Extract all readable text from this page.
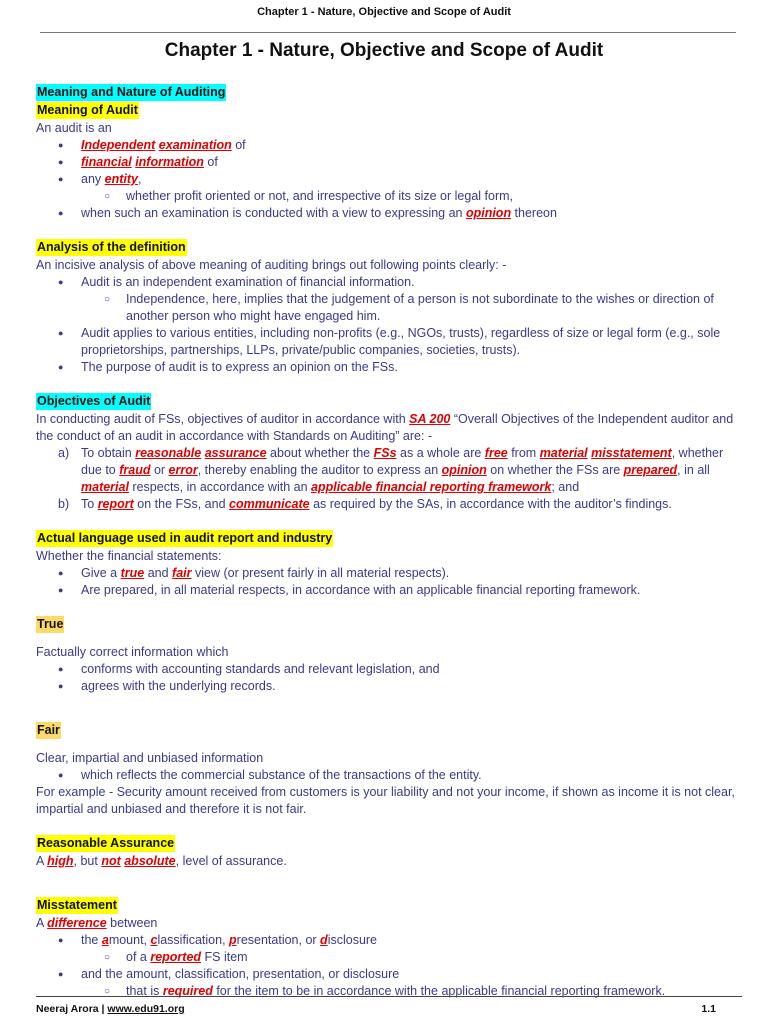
Chapter 1 - Nature, Objective and Scope of Audit
Chapter 1 - Nature, Objective and Scope of Audit
Meaning and Nature of Auditing
Meaning of Audit

An audit is an

● Independent examination of
● financial information of
● any entity,
○ whether profit oriented or not, and irrespective of its size or legal form,
● when such an examination is conducted with a view to expressing an opinion thereon
Analysis of the definition

An incisive analysis of above meaning of auditing brings out following points clearly: -

● Audit is an independent examination of financial information.
○ Independence, here, implies that the judgement of a person is not subordinate to the wishes or direction of another person who might have engaged him.
● Audit applies to various entities, including non-profits (e.g., NGOs, trusts), regardless of size or legal form (e.g., sole proprietorships, partnerships, LLPs, private/public companies, societies, trusts).
● The purpose of audit is to express an opinion on the FSs.
Objectives of Audit

In conducting audit of FSs, objectives of auditor in accordance with SA 200 “Overall Objectives of the Independent auditor and the conduct of an audit in accordance with Standards on Auditing” are: -

a) To obtain reasonable assurance about whether the FSs as a whole are free from material misstatement, whether due to fraud or error, thereby enabling the auditor to express an opinion on whether the FSs are prepared, in all material respects, in accordance with an applicable financial reporting framework; and
b) To report on the FSs, and communicate as required by the SAs, in accordance with the auditor’s findings.
Actual language used in audit report and industry

Whether the financial statements:

● Give a true and fair view (or present fairly in all material respects).
● Are prepared, in all material respects, in accordance with an applicable financial reporting framework.
True

Factually correct information which

● conforms with accounting standards and relevant legislation, and
● agrees with the underlying records.
Fair

Clear, impartial and unbiased information

● which reflects the commercial substance of the transactions of the entity.

For example - Security amount received from customers is your liability and not your income, if shown as income it is not clear, impartial and unbiased and therefore it is not fair.

Reasonable Assurance

A high, but not absolute, level of assurance.

Misstatement

A difference between

● the amount, classification, presentation, or disclosure
○ of a reported FS item
● and the amount, classification, presentation, or disclosure
○ that is required for the item to be in accordance with the applicable financial reporting framework.
Neeraj Arora | www.edu91.org	1.1
